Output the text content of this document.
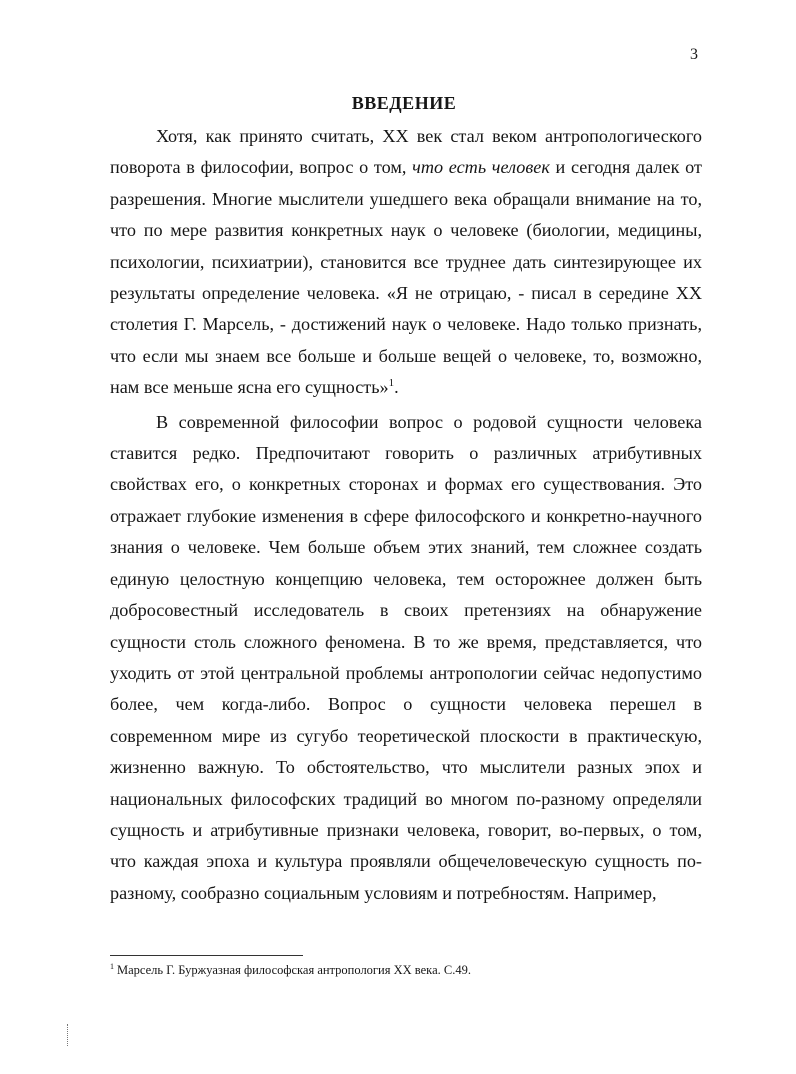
3
ВВЕДЕНИЕ

Хотя, как принято считать, XX век стал веком антропологического поворота в философии, вопрос о том, что есть человек и сегодня далек от разрешения. Многие мыслители ушедшего века обращали внимание на то, что по мере развития конкретных наук о человеке (биологии, медицины, психологии, психиатрии), становится все труднее дать синтезирующее их результаты определение человека. «Я не отрицаю, - писал в середине XX столетия Г. Марсель, - достижений наук о человеке. Надо только признать, что если мы знаем все больше и больше вещей о человеке, то, возможно, нам все меньше ясна его сущность»$^1$.

В современной философии вопрос о родовой сущности человека ставится редко. Предпочитают говорить о различных атрибутивных свойствах его, о конкретных сторонах и формах его существования. Это отражает глубокие изменения в сфере философского и конкретно-научного знания о человеке. Чем больше объем этих знаний, тем сложнее создать единую целостную концепцию человека, тем осторожнее должен быть добросовестный исследователь в своих претензиях на обнаружение сущности столь сложного феномена. В то же время, представляется, что уходить от этой центральной проблемы антропологии сейчас недопустимо более, чем когда-либо. Вопрос о сущности человека перешел в современном мире из сугубо теоретической плоскости в практическую, жизненно важную. То обстоятельство, что мыслители разных эпох и национальных философских традиций во многом по-разному определяли сущность и атрибутивные признаки человека, говорит, во-первых, о том, что каждая эпоха и культура проявляли общечеловеческую сущность по-разному, сообразно социальным условиям и потребностям. Например,

$^1$ Марсель Г. Буржуазная философская антропология XX века. С.49.
